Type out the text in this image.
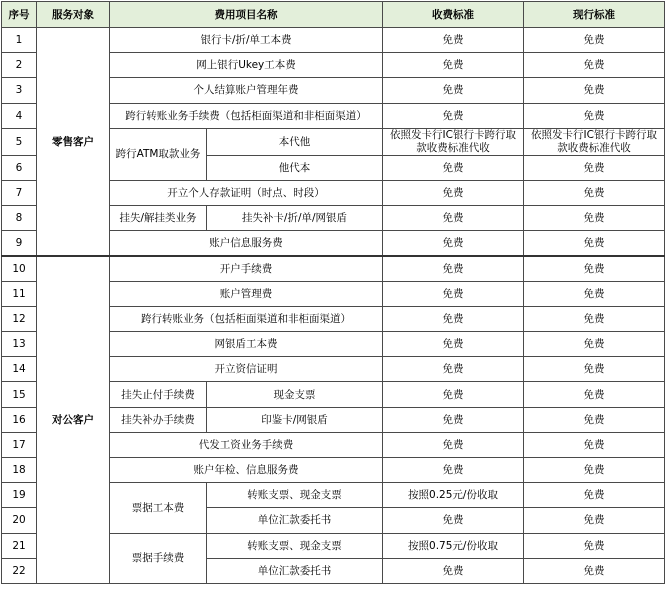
序号	服务对象	费用项目名称		收费标准	现行标准
1	零售客户	银行卡/折/单工本费		免费	免费
2		网上银行Ukey工本费		免费	免费
3		个人结算账户管理年费		免费	免费
4		跨行转账业务手续费（包括柜面渠道和非柜面渠道）		免费	免费
5		跨行ATM取款业务	本代他	依照发卡行IC银行卡跨行取款收费标准代收	依照发卡行IC银行卡跨行取款收费标准代收
6			他代本	免费	免费
7		开立个人存款证明（时点、时段）		免费	免费
8		挂失/解挂类业务	挂失补卡/折/单/网银盾	免费	免费
9		账户信息服务费		免费	免费
10	对公客户	开户手续费		免费	免费
11		账户管理费		免费	免费
12		跨行转账业务（包括柜面渠道和非柜面渠道）		免费	免费
13		网银盾工本费		免费	免费
14		开立资信证明		免费	免费
15		挂失止付手续费	现金支票	免费	免费
16		挂失补办手续费	印鉴卡/网银盾	免费	免费
17		代发工资业务手续费		免费	免费
18		账户年检、信息服务费		免费	免费
19		票据工本费	转账支票、现金支票	按照0.25元/份收取	免费
20			单位汇款委托书	免费	免费
21		票据手续费	转账支票、现金支票	按照0.75元/份收取	免费
22			单位汇款委托书	免费	免费
